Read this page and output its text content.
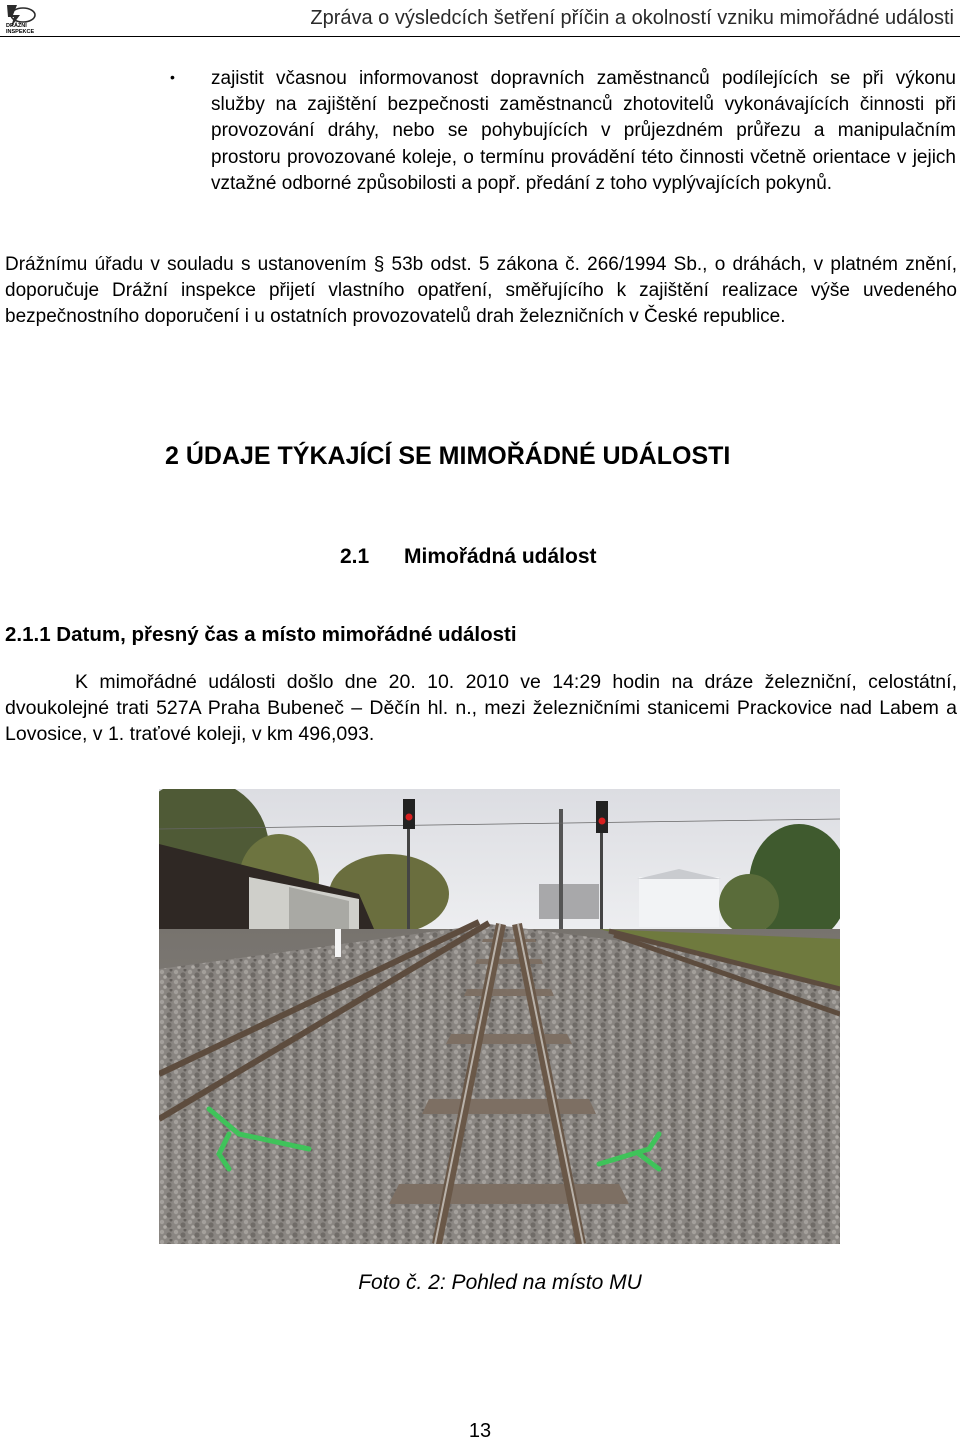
DRÁŽNÍ
INSPEKCE
Zpráva o výsledcích šetření příčin a okolností vzniku mimořádné události
• zajistit včasnou informovanost dopravních zaměstnanců podílejících se při výkonu služby na zajištění bezpečnosti zaměstnanců zhotovitelů vykonávajících činnosti při provozování dráhy, nebo se pohybujících v průjezdném průřezu a manipulačním prostoru provozované koleje, o termínu provádění této činnosti včetně orientace v jejich vztažné odborné způsobilosti a popř. předání z toho vyplývajících pokynů.
Drážnímu úřadu v souladu s ustanovením § 53b odst. 5 zákona č. 266/1994 Sb., o dráhách, v platném znění, doporučuje Drážní inspekce přijetí vlastního opatření, směřujícího k zajištění realizace výše uvedeného bezpečnostního doporučení i u ostatních provozovatelů drah železničních v České republice.
2 ÚDAJE TÝKAJÍCÍ SE MIMOŘÁDNÉ UDÁLOSTI
2.1 Mimořádná událost
2.1.1 Datum, přesný čas a místo mimořádné události
K mimořádné události došlo dne 20. 10. 2010 ve 14:29 hodin na dráze železniční, celostátní, dvoukolejné trati 527A Praha Bubeneč – Děčín hl. n., mezi železničními stanicemi Prackovice nad Labem a Lovosice, v 1. traťové koleji, v km 496,093.
Foto č. 2: Pohled na místo MU
13
